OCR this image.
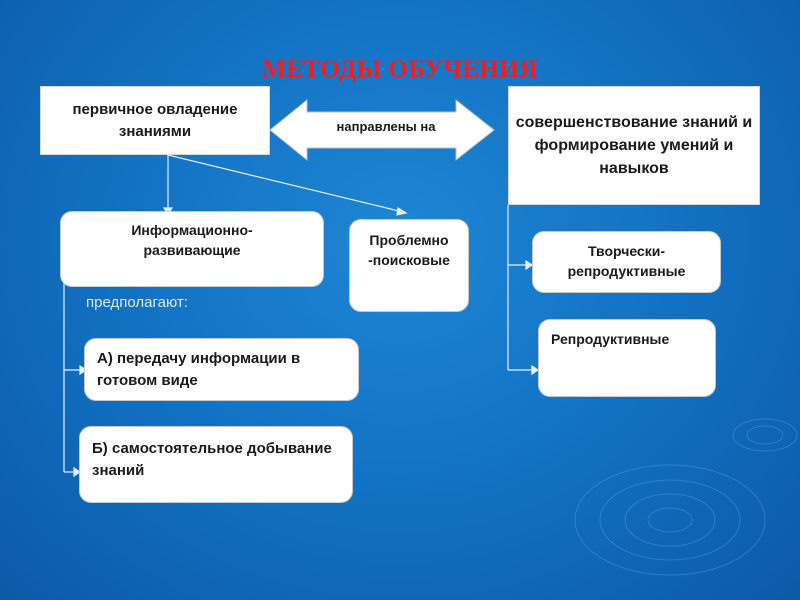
МЕТОДЫ ОБУЧЕНИЯ
первичное овладение знаниями	направлены на	совершенствование знаний и формирование умений и навыков
Информационно-развивающие
Проблемно -поисковые
предполагают:
А) передачу информации в готовом виде
Б) самостоятельное добывание знаний
Творчески-репродуктивные
Репродуктивные
